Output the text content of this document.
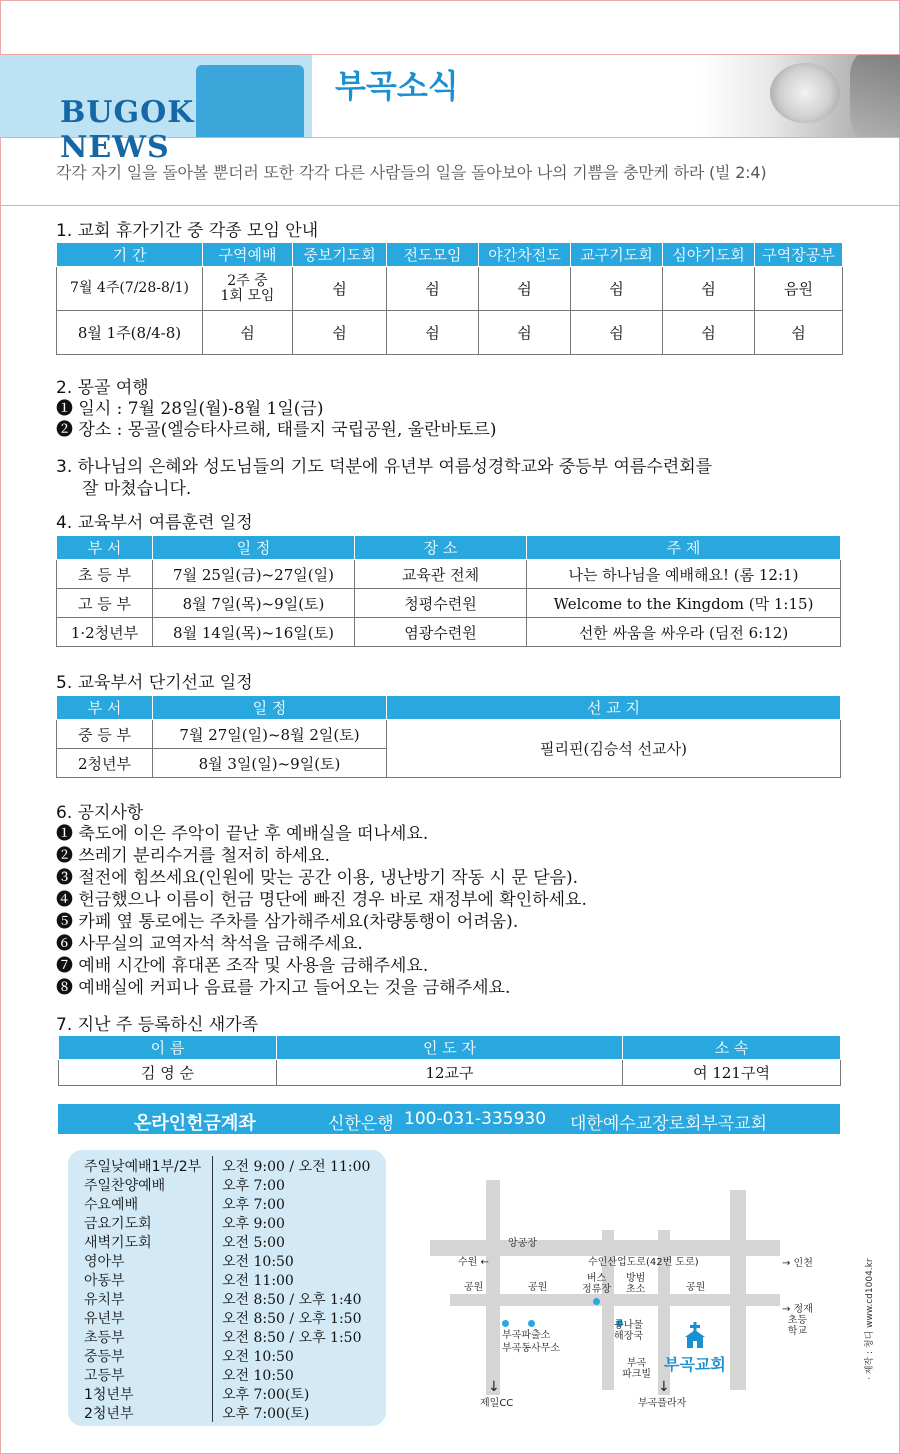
BUGOK NEWS
부곡소식
각각 자기 일을 돌아볼 뿐더러 또한 각각 다른 사람들의 일을 돌아보아 나의 기쁨을 충만케 하라 (빌 2:4)
1. 교회 휴가기간 중 각종 모임 안내
기 간	구역예배	중보기도회	전도모임	야간차전도	교구기도회	심야기도회	구역장공부
7월 4주(7/28-8/1)	2주 중
1회 모임	쉼	쉼	쉼	쉼	쉼	음원
8월 1주(8/4-8)	쉼	쉼	쉼	쉼	쉼	쉼	쉼
2. 몽골 여행
❶ 일시 : 7월 28일(월)-8월 1일(금)
❷ 장소 : 몽골(엘승타사르해, 태를지 국립공원, 울란바토르)
3. 하나님의 은혜와 성도님들의 기도 덕분에 유년부 여름성경학교와 중등부 여름수련회를
잘 마쳤습니다.
4. 교육부서 여름훈련 일정
부 서	일 정	장 소	주 제
초 등 부	7월 25일(금)~27일(일)	교육관 전체	나는 하나님을 예배해요! (롬 12:1)
고 등 부	8월 7일(목)~9일(토)	청평수련원	Welcome to the Kingdom (막 1:15)
1·2청년부	8월 14일(목)~16일(토)	염광수련원	선한 싸움을 싸우라 (딤전 6:12)
5. 교육부서 단기선교 일정
부 서	일 정	선 교 지
중 등 부	7월 27일(일)~8월 2일(토)	필리핀(김승석 선교사)
2청년부	8월 3일(일)~9일(토)	
6. 공지사항
❶ 축도에 이은 주악이 끝난 후 예배실을 떠나세요.
❷ 쓰레기 분리수거를 철저히 하세요.
❸ 절전에 힘쓰세요(인원에 맞는 공간 이용, 냉난방기 작동 시 문 닫음).
❹ 헌금했으나 이름이 헌금 명단에 빠진 경우 바로 재정부에 확인하세요.
❺ 카페 옆 통로에는 주차를 삼가해주세요(차량통행이 어려움).
❻ 사무실의 교역자석 착석을 금해주세요.
❼ 예배 시간에 휴대폰 조작 및 사용을 금해주세요.
❽ 예배실에 커피나 음료를 가지고 들어오는 것을 금해주세요.
7. 지난 주 등록하신 새가족
이 름	인 도 자	소 속
김 영 순	12교구	여 121구역
온라인헌금계좌	신한은행 100-031-335930 대한예수교장로회부곡교회
주일낮예배1부/2부	오전 9:00 / 오전 11:00
주일찬양예배	오후 7:00
수요예배	오후 7:00
금요기도회	오후 9:00
새벽기도회	오전 5:00
영아부	오전 10:50
아동부	오전 11:00
유치부	오전 8:50 / 오후 1:40
유년부	오전 8:50 / 오후 1:50
초등부	오전 8:50 / 오후 1:50
중등부	오전 10:50
고등부	오전 10:50
1청년부	오후 7:00(토)
2청년부	오후 7:00(토)
앙공장
수원 ←	수인산업도로(42번 도로)	→ 인천
공원	공원	공원
버스
정류장
방범
초소
→ 정재
초등
학교
부곡파출소
부곡동사무소
콩나물
해장국
부곡
파크빌
부곡교회
↓
제일CC
↓
부곡플라자
· 제작 : 청디 www.cd1004.kr
